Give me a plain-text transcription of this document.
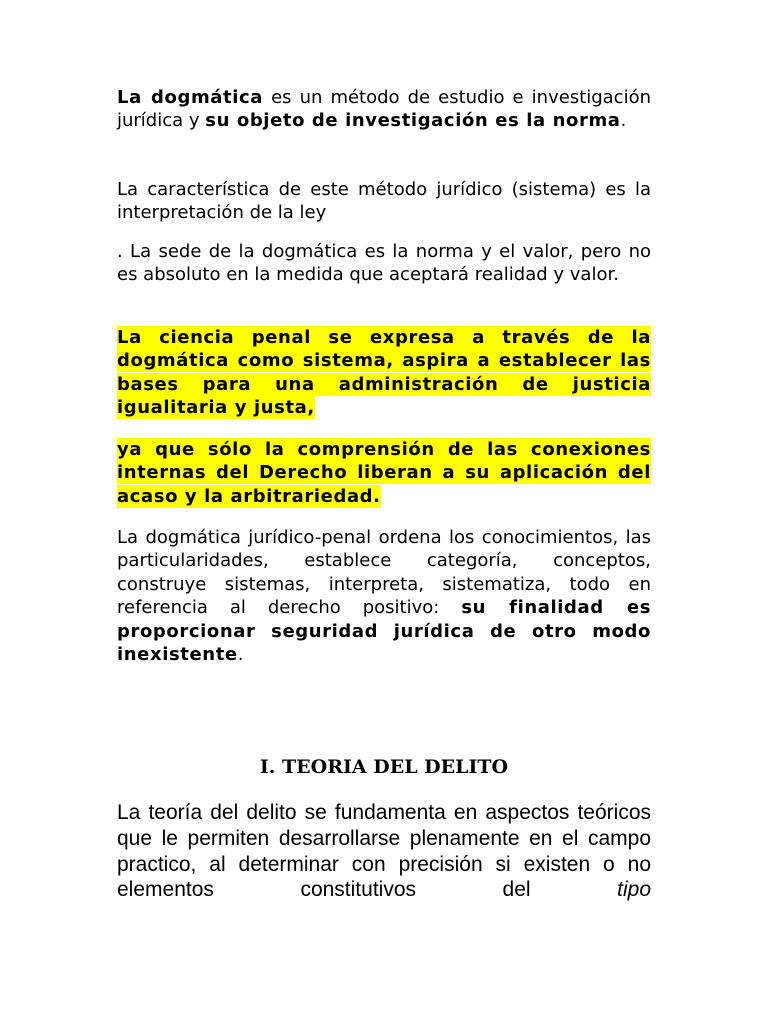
La dogmática es un método de estudio e investigación jurídica y su objeto de investigación es la norma.

La característica de este método jurídico (sistema) es la interpretación de la ley

. La sede de la dogmática es la norma y el valor, pero no es absoluto en la medida que aceptará realidad y valor.

La ciencia penal se expresa a través de la dogmática como sistema, aspira a establecer las bases para una administración de justicia igualitaria y justa,

ya que sólo la comprensión de las conexiones internas del Derecho liberan a su aplicación del acaso y la arbitrariedad.

La dogmática jurídico-penal ordena los conocimientos, las particularidades, establece categoría, conceptos, construye sistemas, interpreta, sistematiza, todo en referencia al derecho positivo: su finalidad es proporcionar seguridad jurídica de otro modo inexistente.

I. TEORIA DEL DELITO

La teoría del delito se fundamenta en aspectos teóricos que le permiten desarrollarse plenamente en el campo practico, al determinar con precisión si existen o no elementos constitutivos del tipo
